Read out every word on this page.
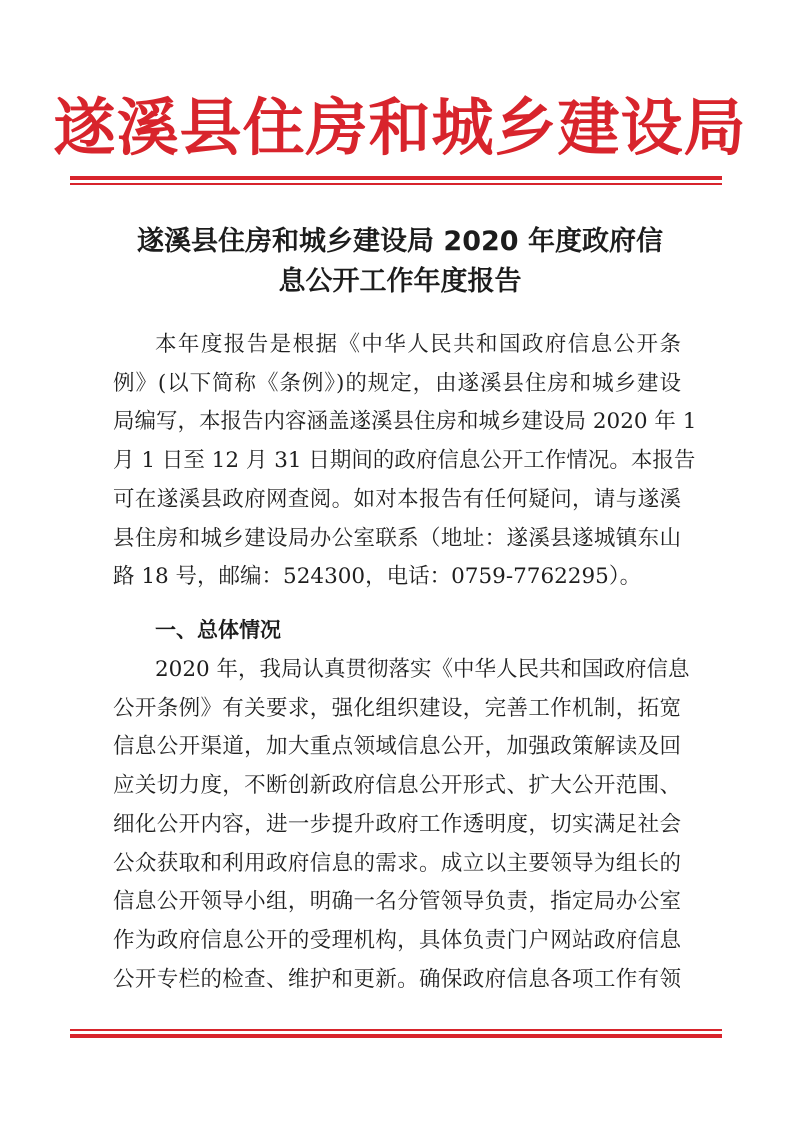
遂溪县住房和城乡建设局
遂溪县住房和城乡建设局 2020 年度政府信
息公开工作年度报告
本年度报告是根据《中华人民共和国政府信息公开条
例》(以下简称《条例》)的规定，由遂溪县住房和城乡建设
局编写，本报告内容涵盖遂溪县住房和城乡建设局 2020 年 1
月 1 日至 12 月 31 日期间的政府信息公开工作情况。本报告
可在遂溪县政府网查阅。如对本报告有任何疑问，请与遂溪
县住房和城乡建设局办公室联系（地址：遂溪县遂城镇东山
路 18 号，邮编：524300，电话：0759-7762295）。
一、总体情况
2020 年，我局认真贯彻落实《中华人民共和国政府信息
公开条例》有关要求，强化组织建设，完善工作机制，拓宽
信息公开渠道，加大重点领域信息公开，加强政策解读及回
应关切力度，不断创新政府信息公开形式、扩大公开范围、
细化公开内容，进一步提升政府工作透明度，切实满足社会
公众获取和利用政府信息的需求。成立以主要领导为组长的
信息公开领导小组，明确一名分管领导负责，指定局办公室
作为政府信息公开的受理机构，具体负责门户网站政府信息
公开专栏的检查、维护和更新。确保政府信息各项工作有领
